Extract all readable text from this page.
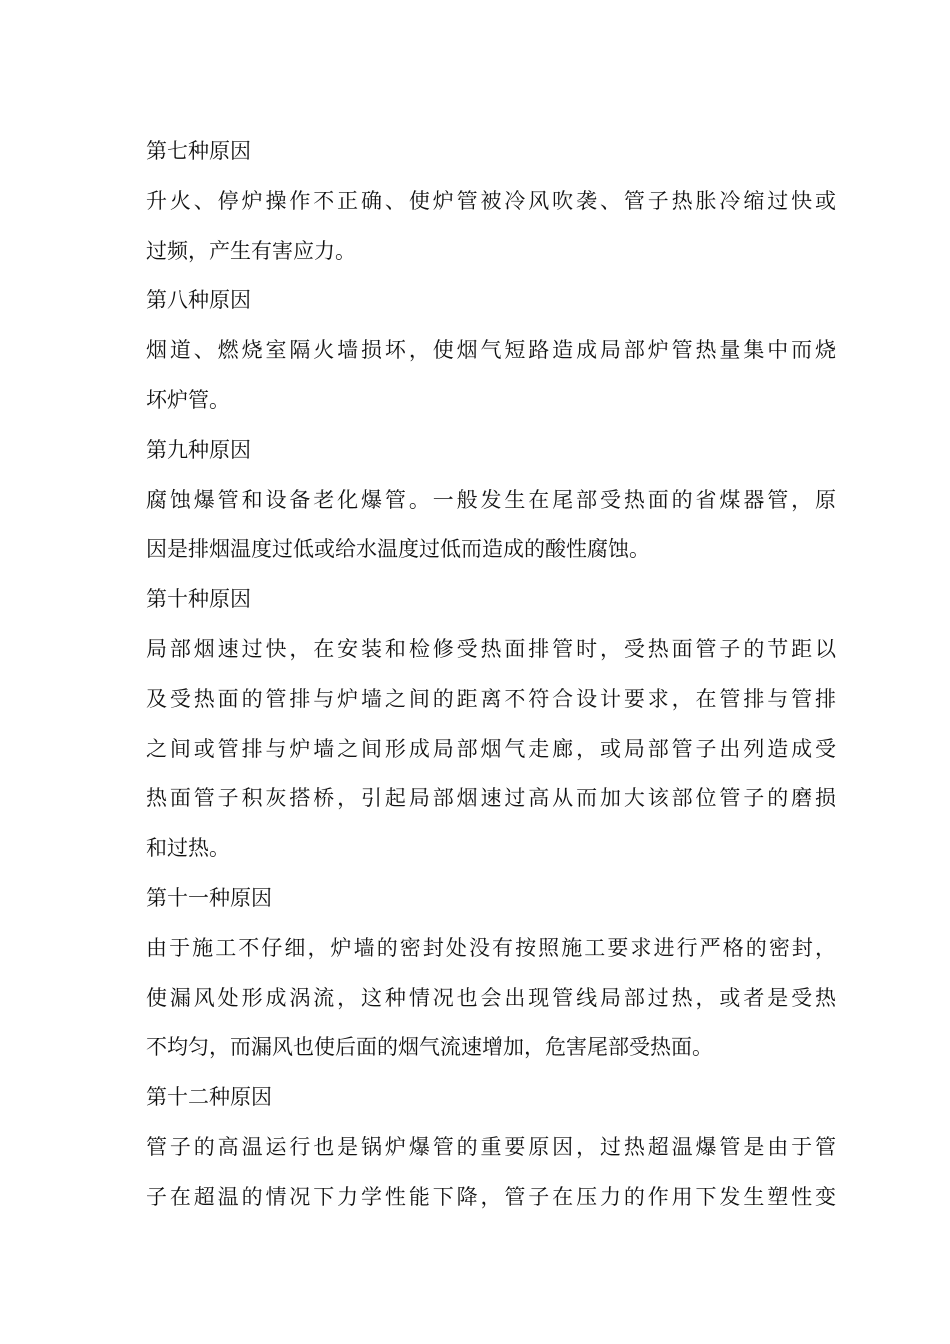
第七种原因
升火、停炉操作不正确、使炉管被冷风吹袭、管子热胀冷缩过快或
过频，产生有害应力。
第八种原因
烟道、燃烧室隔火墙损坏，使烟气短路造成局部炉管热量集中而烧
坏炉管。
第九种原因
腐蚀爆管和设备老化爆管。一般发生在尾部受热面的省煤器管，原
因是排烟温度过低或给水温度过低而造成的酸性腐蚀。
第十种原因
局部烟速过快，在安装和检修受热面排管时，受热面管子的节距以
及受热面的管排与炉墙之间的距离不符合设计要求，在管排与管排
之间或管排与炉墙之间形成局部烟气走廊，或局部管子出列造成受
热面管子积灰搭桥，引起局部烟速过高从而加大该部位管子的磨损
和过热。
第十一种原因
由于施工不仔细，炉墙的密封处没有按照施工要求进行严格的密封，
使漏风处形成涡流，这种情况也会出现管线局部过热，或者是受热
不均匀，而漏风也使后面的烟气流速增加，危害尾部受热面。
第十二种原因
管子的高温运行也是锅炉爆管的重要原因，过热超温爆管是由于管
子在超温的情况下力学性能下降，管子在压力的作用下发生塑性变
